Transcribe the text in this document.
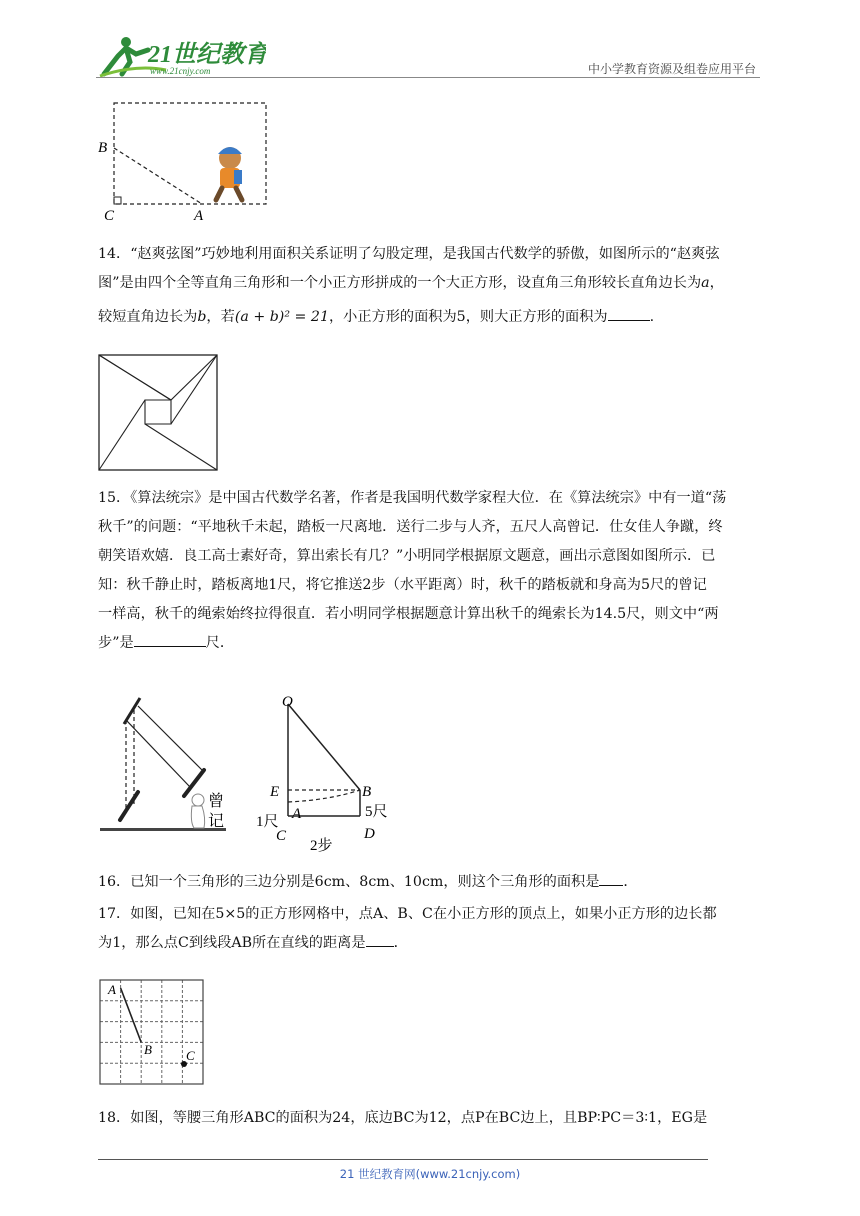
21世纪教育
www.21cnjy.com	中小学教育资源及组卷应用平台
B
C	A
14．“赵爽弦图”巧妙地利用面积关系证明了勾股定理，是我国古代数学的骄傲，如图所示的“赵爽弦
图”是由四个全等直角三角形和一个小正方形拼成的一个大正方形，设直角三角形较长直角边长为a，
较短直角边长为b，若(a + b)² = 21，小正方形的面积为5，则大正方形的面积为	.
15．《算法统宗》是中国古代数学名著，作者是我国明代数学家程大位．在《算法统宗》中有一道“荡
秋千”的问题：“平地秋千未起，踏板一尺离地．送行二步与人齐，五尺人高曾记．仕女佳人争蹴，终
朝笑语欢嬉．良工高士素好奇，算出索长有几？”小明同学根据原文题意，画出示意图如图所示．已
知：秋千静止时，踏板离地1尺，将它推送2步（水平距离）时，秋千的踏板就和身高为5尺的曾记
一样高，秋千的绳索始终拉得很直．若小明同学根据题意计算出秋千的绳索长为14.5尺，则文中“两
步”是	尺．
曾
记
O
E	B
A
C	D
1尺
5尺
2步
16．已知一个三角形的三边分别是6cm、8cm、10cm，则这个三角形的面积是 ．
17．如图，已知在5×5的正方形网格中，点A、B、C在小正方形的顶点上，如果小正方形的边长都
为1，那么点C到线段AB所在直线的距离是 ．
A
B	C
18．如图，等腰三角形ABC的面积为24，底边BC为12，点P在BC边上，且BP∶PC＝3∶1，EG是
21 世纪教育网(www.21cnjy.com)
